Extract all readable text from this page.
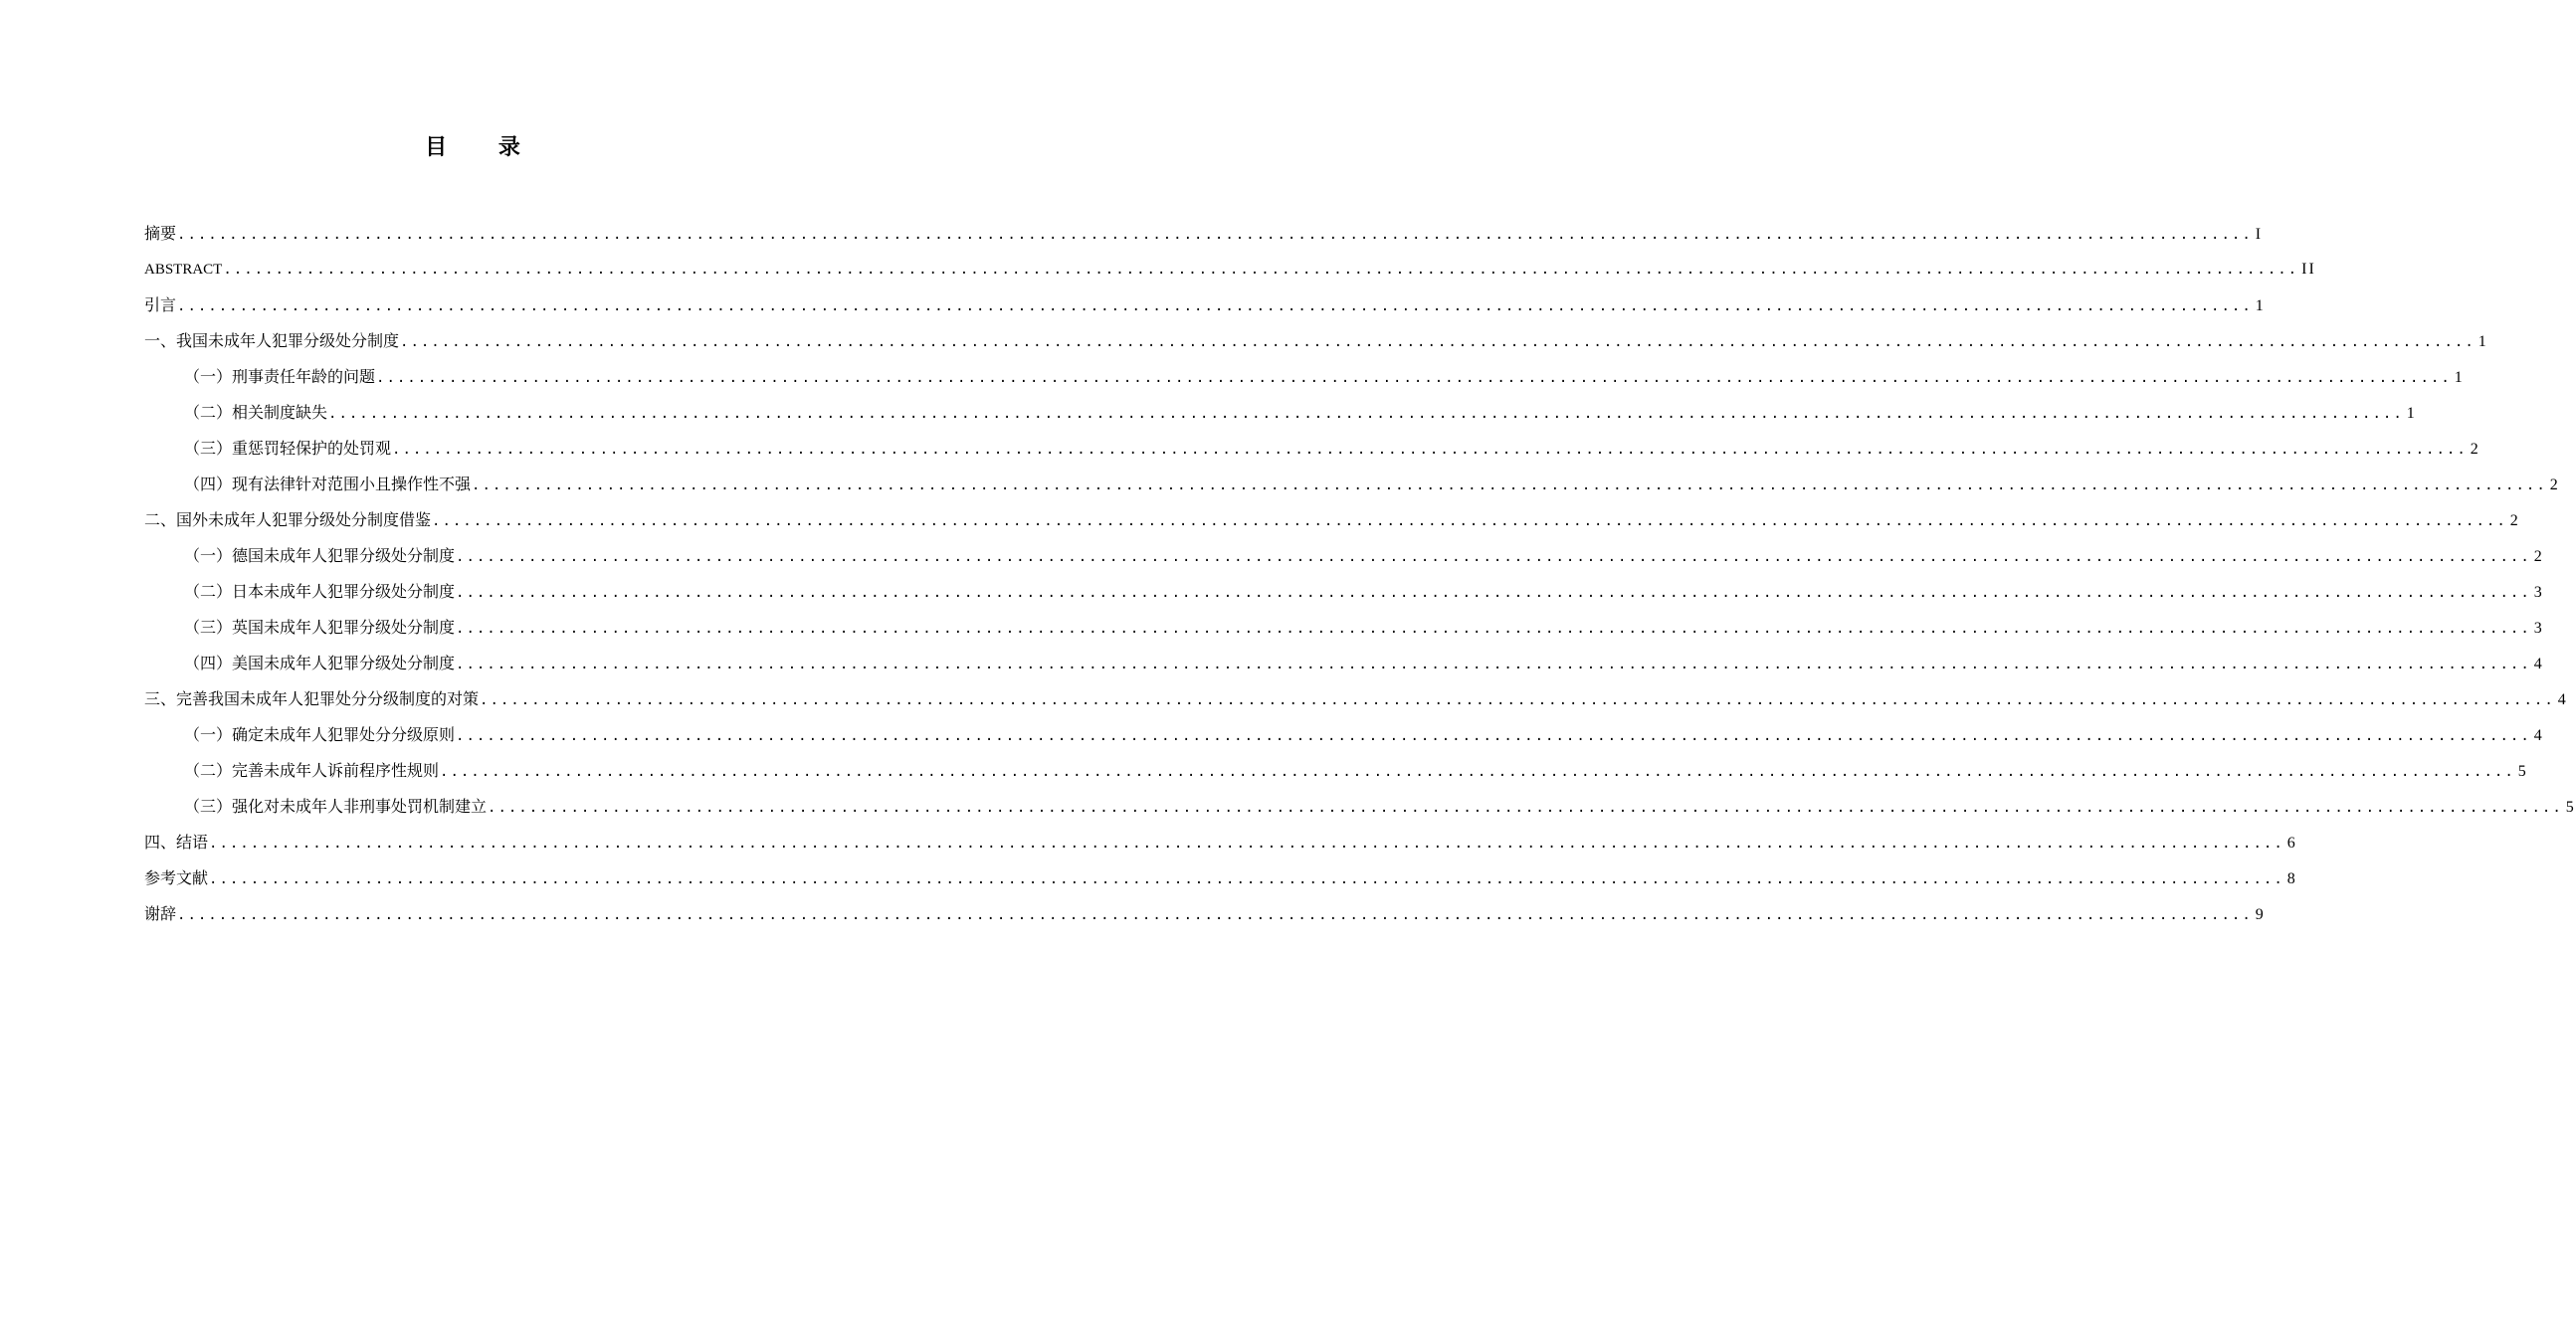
目 录
摘要 ........................................................................................................................................................................................................ I
ABSTRACT ........................................................................................................................................................................................................ II
引言 ........................................................................................................................................................................................................ 1
一、我国未成年人犯罪分级处分制度 ........................................................................................................................................................................................................ 1
（一）刑事责任年龄的问题 ........................................................................................................................................................................................................ 1
（二）相关制度缺失 ........................................................................................................................................................................................................ 1
（三）重惩罚轻保护的处罚观 ........................................................................................................................................................................................................ 2
（四）现有法律针对范围小且操作性不强 ........................................................................................................................................................................................................ 2
二、国外未成年人犯罪分级处分制度借鉴 ........................................................................................................................................................................................................ 2
（一）德国未成年人犯罪分级处分制度 ........................................................................................................................................................................................................ 2
（二）日本未成年人犯罪分级处分制度 ........................................................................................................................................................................................................ 3
（三）英国未成年人犯罪分级处分制度 ........................................................................................................................................................................................................ 3
（四）美国未成年人犯罪分级处分制度 ........................................................................................................................................................................................................ 4
三、完善我国未成年人犯罪处分分级制度的对策 ........................................................................................................................................................................................................ 4
（一）确定未成年人犯罪处分分级原则 ........................................................................................................................................................................................................ 4
（二）完善未成年人诉前程序性规则 ........................................................................................................................................................................................................ 5
（三）强化对未成年人非刑事处罚机制建立 ........................................................................................................................................................................................................ 5
四、结语 ........................................................................................................................................................................................................ 6
参考文献 ........................................................................................................................................................................................................ 8
谢辞 ........................................................................................................................................................................................................ 9
